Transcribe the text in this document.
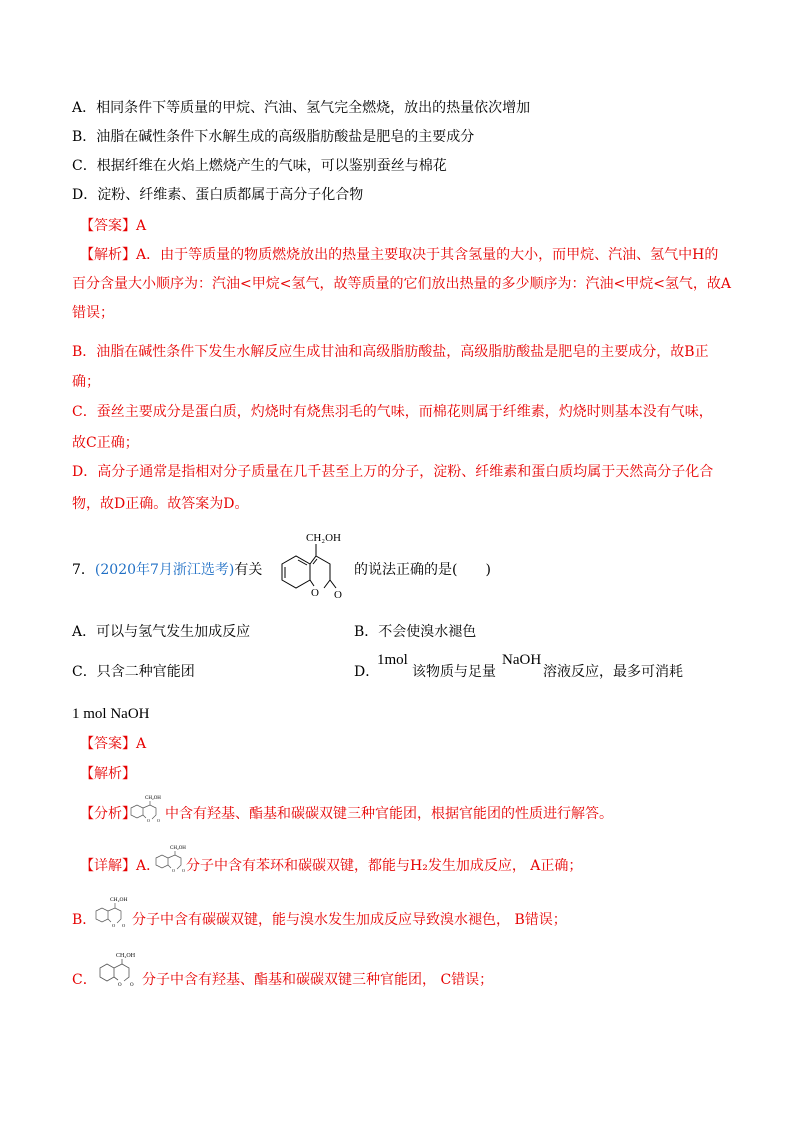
A．相同条件下等质量的甲烷、汽油、氢气完全燃烧，放出的热量依次增加
B．油脂在碱性条件下水解生成的高级脂肪酸盐是肥皂的主要成分
C．根据纤维在火焰上燃烧产生的气味，可以鉴别蚕丝与棉花
D．淀粉、纤维素、蛋白质都属于高分子化合物
【答案】A
【解析】A．由于等质量的物质燃烧放出的热量主要取决于其含氢量的大小，而甲烷、汽油、氢气中H的
百分含量大小顺序为：汽油<甲烷<氢气，故等质量的它们放出热量的多少顺序为：汽油<甲烷<氢气，故A
错误；
B．油脂在碱性条件下发生水解反应生成甘油和高级脂肪酸盐，高级脂肪酸盐是肥皂的主要成分，故B正
确；
C．蚕丝主要成分是蛋白质，灼烧时有烧焦羽毛的气味，而棉花则属于纤维素，灼烧时则基本没有气味，
故C正确；
D．高分子通常是指相对分子质量在几千甚至上万的分子，淀粉、纤维素和蛋白质均属于天然高分子化合
物，故D正确。故答案为D。
7．(2020年7月浙江选考)有关	的说法正确的是(　　)
CH₂OH
O O
A．可以与氢气发生加成反应	B．不会使溴水褪色
C．只含二种官能团	D．
1mol
该物质与足量
NaOH
溶液反应，最多可消耗
1 mol NaOH
【答案】A
【解析】
【分析】
CH₂OH
O O 中含有羟基、酯基和碳碳双键三种官能团，根据官能团的性质进行解答。
【详解】A．
CH₂OH
O O 分子中含有苯环和碳碳双键，都能与H₂发生加成反应， A正确；
B．
CH₂OH
O O 分子中含有碳碳双键，能与溴水发生加成反应导致溴水褪色， B错误；
C．
CH₂OH
O O 分子中含有羟基、酯基和碳碳双键三种官能团， C错误；
